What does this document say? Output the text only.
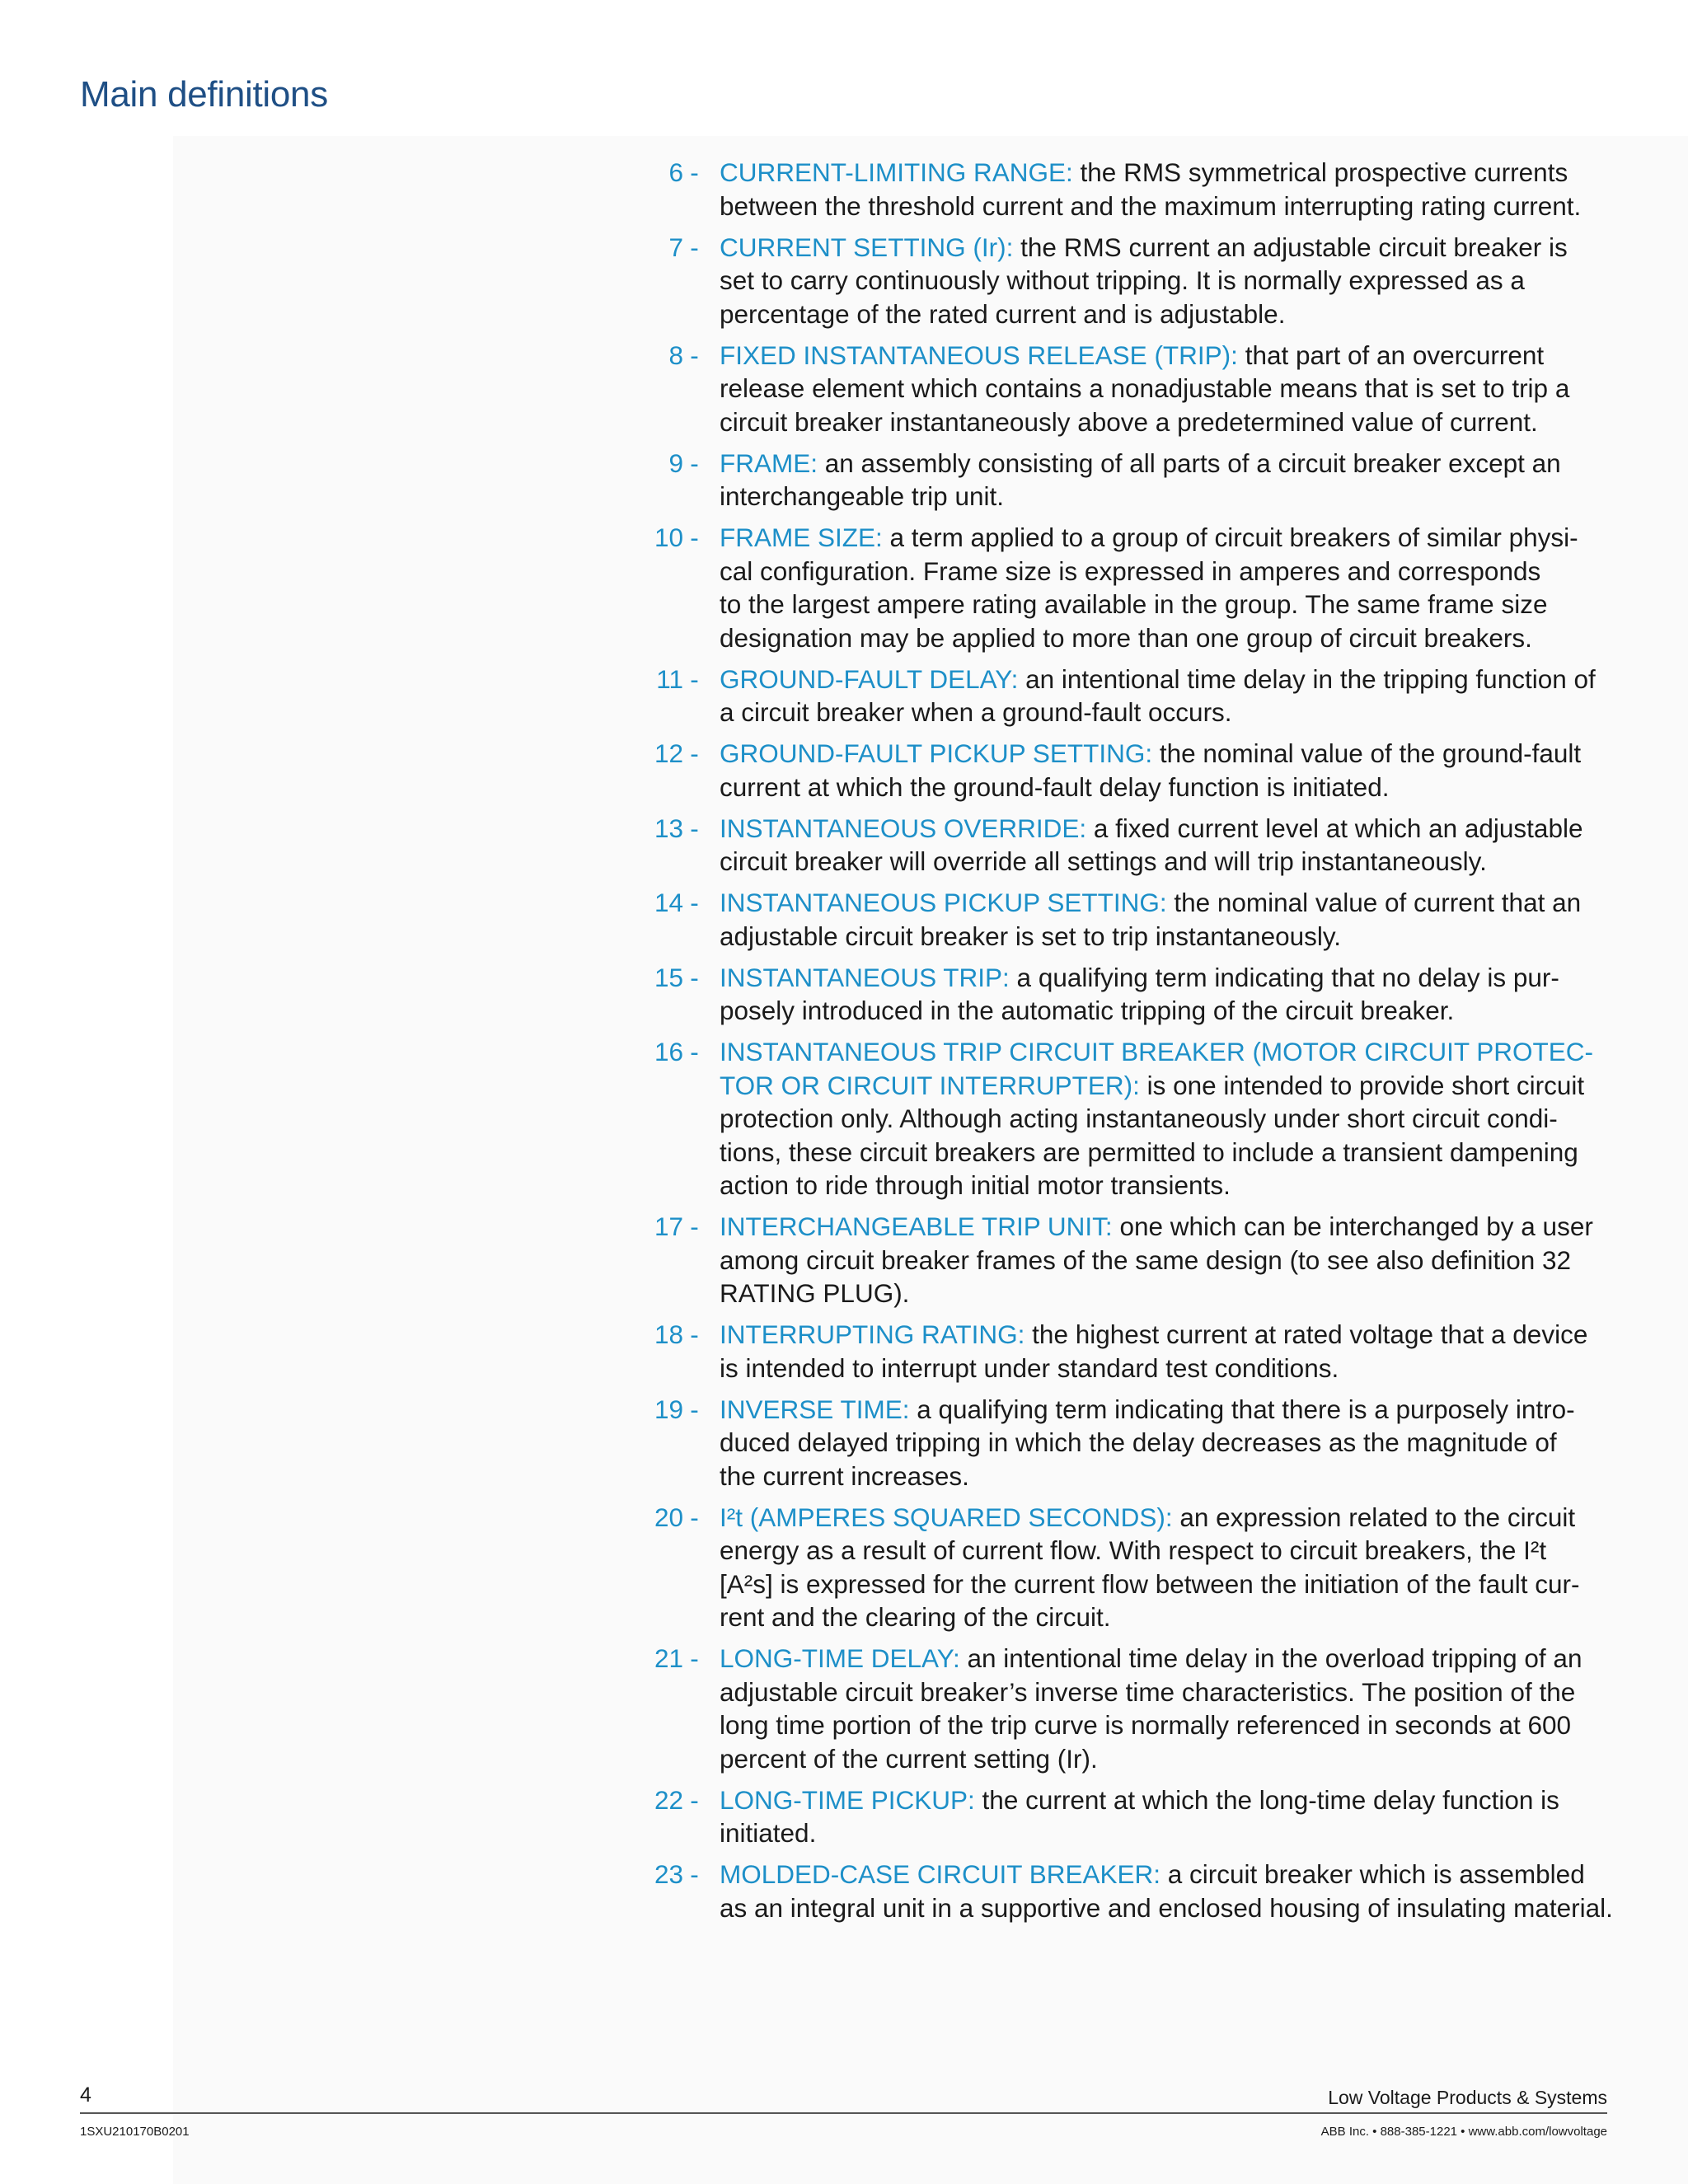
Main definitions
6 - CURRENT-LIMITING RANGE: the RMS symmetrical prospective currents
between the threshold current and the maximum interrupting rating current.
7 - CURRENT SETTING (Ir): the RMS current an adjustable circuit breaker is
set to carry continuously without tripping. It is normally expressed as a
percentage of the rated current and is adjustable.
8 - FIXED INSTANTANEOUS RELEASE (TRIP): that part of an overcurrent
release element which contains a nonadjustable means that is set to trip a
circuit breaker instantaneously above a predetermined value of current.
9 - FRAME: an assembly consisting of all parts of a circuit breaker except an
interchangeable trip unit.
10 - FRAME SIZE: a term applied to a group of circuit breakers of similar physi-
cal configuration. Frame size is expressed in amperes and corresponds
to the largest ampere rating available in the group. The same frame size
designation may be applied to more than one group of circuit breakers.
11 - GROUND-FAULT DELAY: an intentional time delay in the tripping function of
a circuit breaker when a ground-fault occurs.
12 - GROUND-FAULT PICKUP SETTING: the nominal value of the ground-fault
current at which the ground-fault delay function is initiated.
13 - INSTANTANEOUS OVERRIDE: a fixed current level at which an adjustable
circuit breaker will override all settings and will trip instantaneously.
14 - INSTANTANEOUS PICKUP SETTING: the nominal value of current that an
adjustable circuit breaker is set to trip instantaneously.
15 - INSTANTANEOUS TRIP: a qualifying term indicating that no delay is pur-
posely introduced in the automatic tripping of the circuit breaker.
16 - INSTANTANEOUS TRIP CIRCUIT BREAKER (MOTOR CIRCUIT PROTEC-
TOR OR CIRCUIT INTERRUPTER): is one intended to provide short circuit
protection only. Although acting instantaneously under short circuit condi-
tions, these circuit breakers are permitted to include a transient dampening
action to ride through initial motor transients.
17 - INTERCHANGEABLE TRIP UNIT: one which can be interchanged by a user
among circuit breaker frames of the same design (to see also definition 32
RATING PLUG).
18 - INTERRUPTING RATING: the highest current at rated voltage that a device
is intended to interrupt under standard test conditions.
19 - INVERSE TIME: a qualifying term indicating that there is a purposely intro-
duced delayed tripping in which the delay decreases as the magnitude of
the current increases.
20 - I²t (AMPERES SQUARED SECONDS): an expression related to the circuit
energy as a result of current flow. With respect to circuit breakers, the I²t
[A²s] is expressed for the current flow between the initiation of the fault cur-
rent and the clearing of the circuit.
21 - LONG-TIME DELAY: an intentional time delay in the overload tripping of an
adjustable circuit breaker’s inverse time characteristics. The position of the
long time portion of the trip curve is normally referenced in seconds at 600
percent of the current setting (Ir).
22 - LONG-TIME PICKUP: the current at which the long-time delay function is
initiated.
23 - MOLDED-CASE CIRCUIT BREAKER: a circuit breaker which is assembled
as an integral unit in a supportive and enclosed housing of insulating material.
4	Low Voltage Products & Systems
1SXU210170B0201	ABB Inc. • 888-385-1221 • www.abb.com/lowvoltage
